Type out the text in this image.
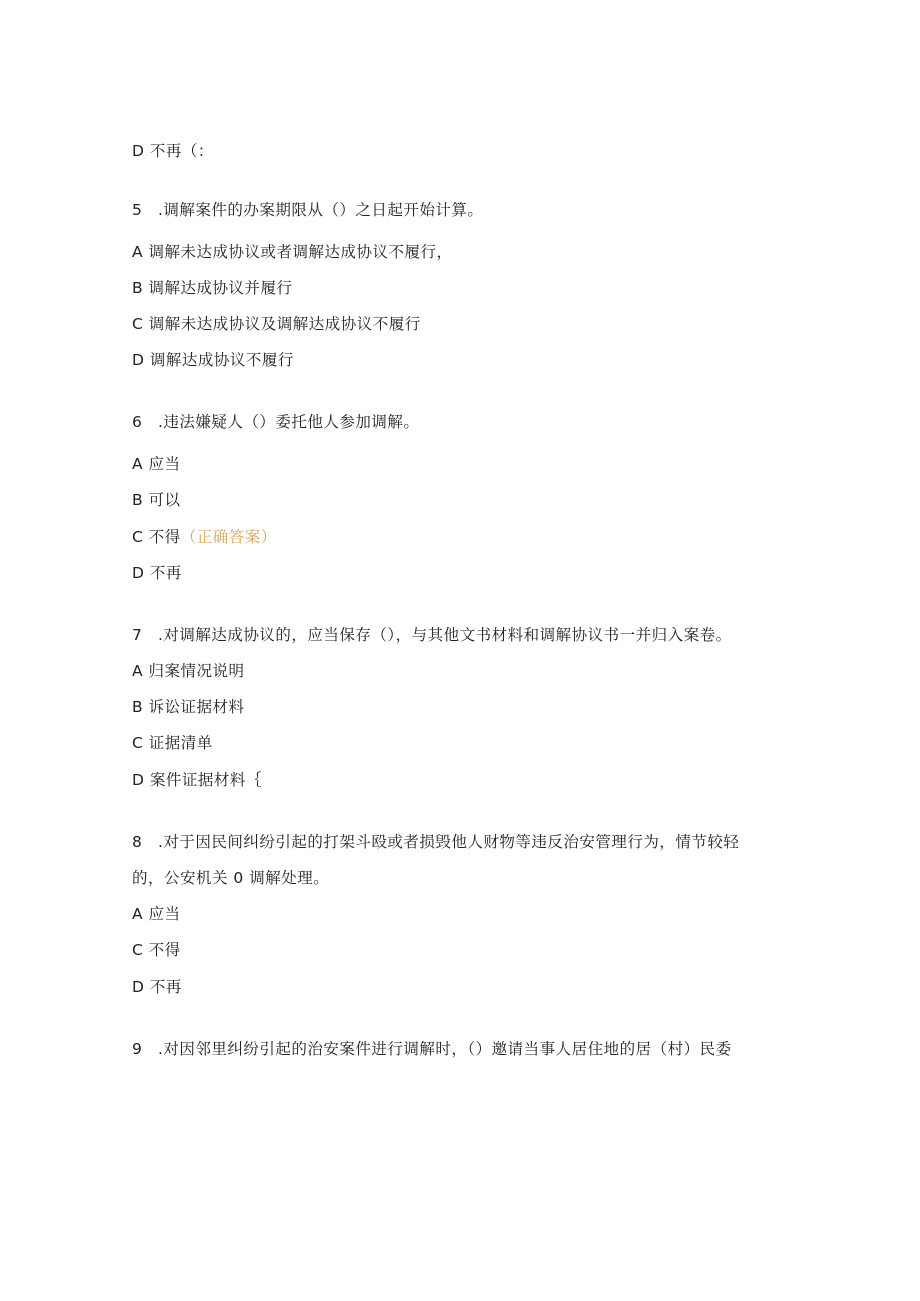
D 不再（：
5 .调解案件的办案期限从（）之日起开始计算。
A 调解未达成协议或者调解达成协议不履行，
B 调解达成协议并履行
C 调解未达成协议及调解达成协议不履行
D 调解达成协议不履行
6 .违法嫌疑人（）委托他人参加调解。
A 应当
B 可以
C 不得（正确答案）
D 不再
7 .对调解达成协议的，应当保存（），与其他文书材料和调解协议书一并归入案卷。
A 归案情况说明
B 诉讼证据材料
C 证据清单
D 案件证据材料｛
8 .对于因民间纠纷引起的打架斗殴或者损毁他人财物等违反治安管理行为，情节较轻
的，公安机关 0 调解处理。
A 应当
C 不得
D 不再
9 .对因邻里纠纷引起的治安案件进行调解时，（）邀请当事人居住地的居（村）民委
